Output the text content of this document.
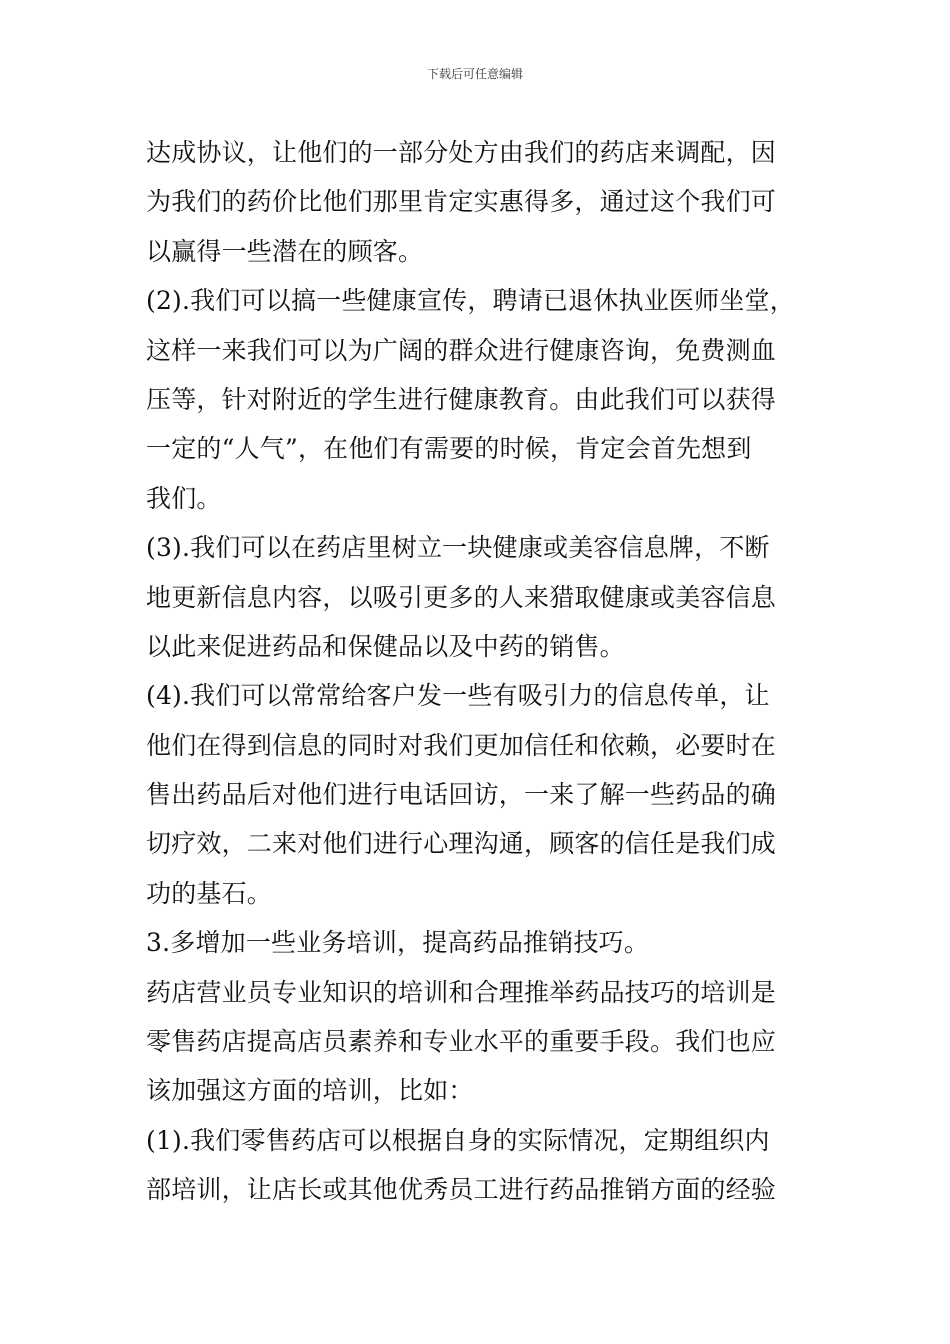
下载后可任意编辑
达成协议，让他们的一部分处方由我们的药店来调配，因
为我们的药价比他们那里肯定实惠得多，通过这个我们可
以赢得一些潜在的顾客。
(2).我们可以搞一些健康宣传，聘请已退休执业医师坐堂，
这样一来我们可以为广阔的群众进行健康咨询，免费测血
压等，针对附近的学生进行健康教育。由此我们可以获得
一定的“人气”，在他们有需要的时候，肯定会首先想到
我们。
(3).我们可以在药店里树立一块健康或美容信息牌，不断
地更新信息内容，以吸引更多的人来猎取健康或美容信息
以此来促进药品和保健品以及中药的销售。
(4).我们可以常常给客户发一些有吸引力的信息传单，让
他们在得到信息的同时对我们更加信任和依赖，必要时在
售出药品后对他们进行电话回访，一来了解一些药品的确
切疗效，二来对他们进行心理沟通，顾客的信任是我们成
功的基石。
3.多增加一些业务培训，提高药品推销技巧。
药店营业员专业知识的培训和合理推举药品技巧的培训是
零售药店提高店员素养和专业水平的重要手段。我们也应
该加强这方面的培训，比如：
(1).我们零售药店可以根据自身的实际情况，定期组织内
部培训，让店长或其他优秀员工进行药品推销方面的经验
